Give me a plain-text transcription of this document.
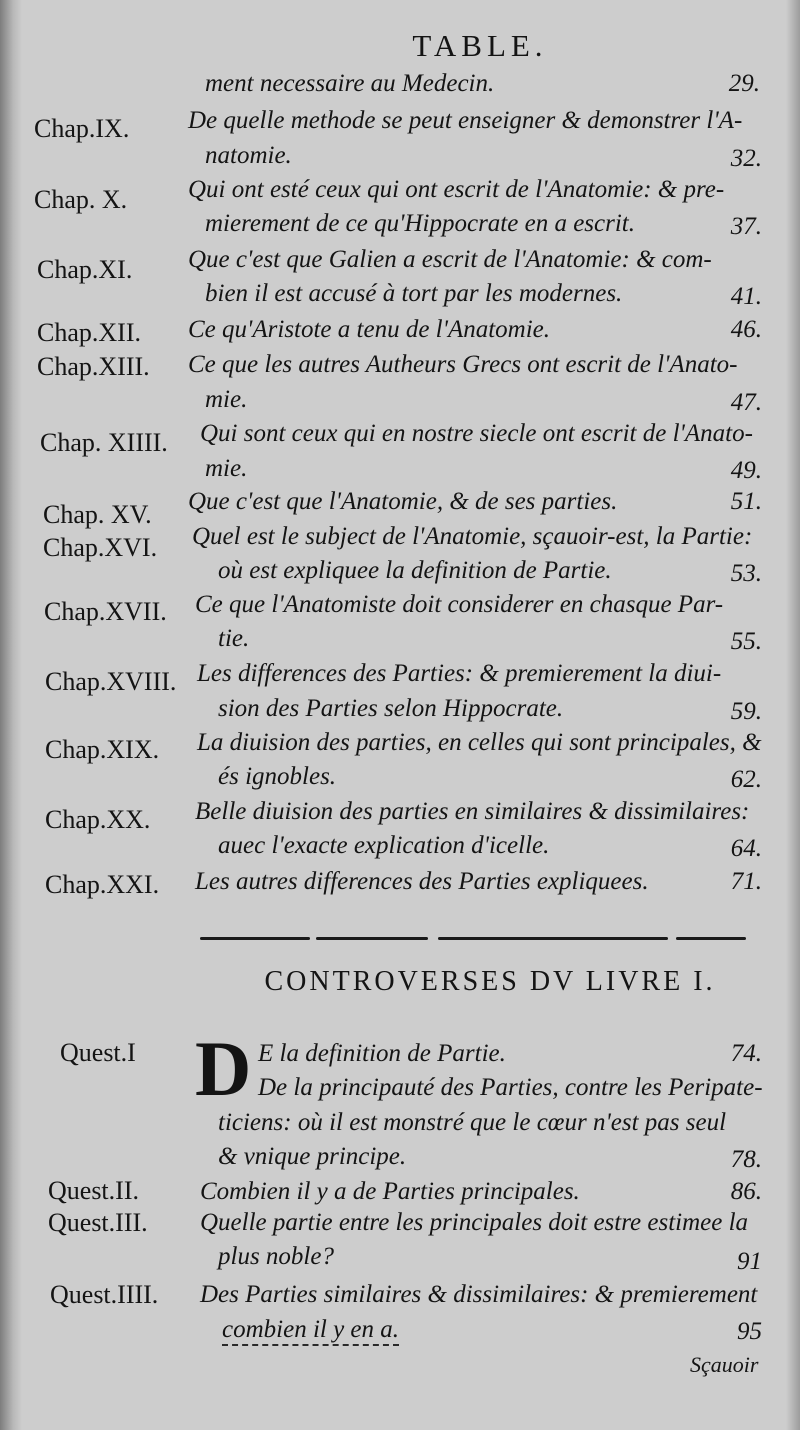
TABLE.
ment necessaire au Medecin.	29.
Chap.IX. De quelle methode se peut enseigner & demonstrer l'A-
natomie.	32.
Chap. X. Qui ont esté ceux qui ont escrit de l'Anatomie: & pre-
mierement de ce qu'Hippocrate en a escrit.	37.
Chap.XI. Que c'est que Galien a escrit de l'Anatomie: & com-
bien il est accusé à tort par les modernes.	41.
Chap.XII. Ce qu'Aristote a tenu de l'Anatomie.	46.
Chap.XIII. Ce que les autres Autheurs Grecs ont escrit de l'Anato-
mie.	47.
Chap. XIIII. Qui sont ceux qui en nostre siecle ont escrit de l'Anato-
mie.	49.
Chap. XV. Que c'est que l'Anatomie, & de ses parties.	51.
Chap.XVI. Quel est le subject de l'Anatomie, sçauoir-est, la Partie:
où est expliquee la definition de Partie.	53.
Chap.XVII. Ce que l'Anatomiste doit considerer en chasque Par-
tie.	55.
Chap.XVIII. Les differences des Parties: & premierement la diui-
sion des Parties selon Hippocrate.	59.
Chap.XIX. La diuision des parties, en celles qui sont principales, &
és ignobles.	62.
Chap.XX. Belle diuision des parties en similaires & dissimilaires:
auec l'exacte explication d'icelle.	64.
Chap.XXI. Les autres differences des Parties expliquees.	71.
CONTROVERSES DV LIVRE I.
Quest.I D E la definition de Partie.	74.
De la principauté des Parties, contre les Peripate-
ticiens: où il est monstré que le cœur n'est pas seul
& vnique principe.	78.
Quest.II. Combien il y a de Parties principales.	86.
Quest.III. Quelle partie entre les principales doit estre estimee la
plus noble?	91
Quest.IIII. Des Parties similaires & dissimilaires: & premierement
combien il y en a.	95
Sçauoir
